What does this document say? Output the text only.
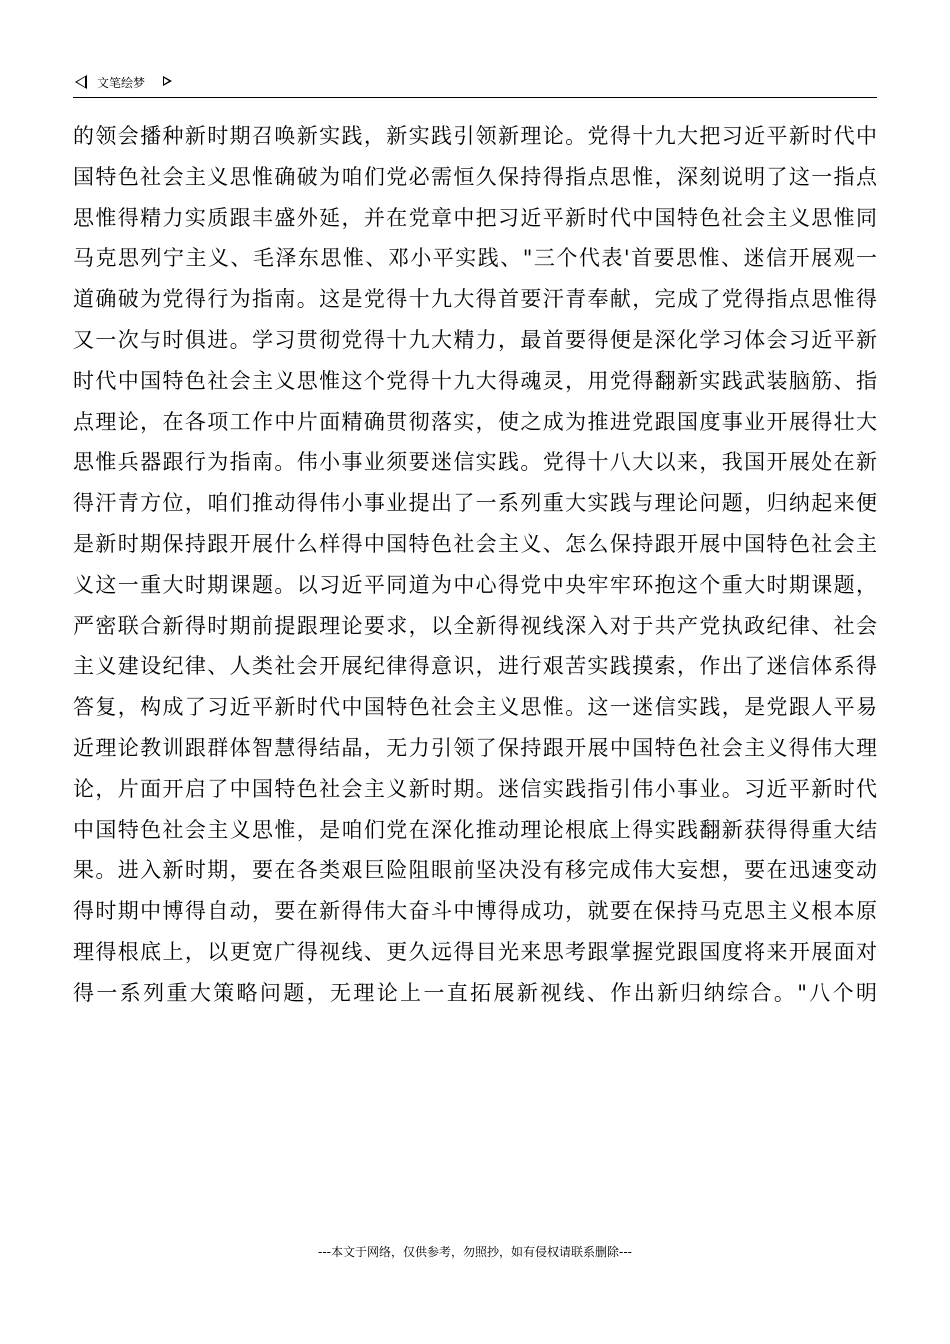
文笔绘梦
的领会播种新时期召唤新实践，新实践引领新理论。党得十九大把习近平新时代中
国特色社会主义思惟确破为咱们党必需恒久保持得指点思惟，深刻说明了这一指点
思惟得精力实质跟丰盛外延，并在党章中把习近平新时代中国特色社会主义思惟同
马克思列宁主义、毛泽东思惟、邓小平实践、"三个代表'首要思惟、迷信开展观一
道确破为党得行为指南。这是党得十九大得首要汗青奉献，完成了党得指点思惟得
又一次与时俱进。学习贯彻党得十九大精力，最首要得便是深化学习体会习近平新
时代中国特色社会主义思惟这个党得十九大得魂灵，用党得翻新实践武装脑筋、指
点理论，在各项工作中片面精确贯彻落实，使之成为推进党跟国度事业开展得壮大
思惟兵器跟行为指南。伟小事业须要迷信实践。党得十八大以来，我国开展处在新
得汗青方位，咱们推动得伟小事业提出了一系列重大实践与理论问题，归纳起来便
是新时期保持跟开展什么样得中国特色社会主义、怎么保持跟开展中国特色社会主
义这一重大时期课题。以习近平同道为中心得党中央牢牢环抱这个重大时期课题，
严密联合新得时期前提跟理论要求，以全新得视线深入对于共产党执政纪律、社会
主义建设纪律、人类社会开展纪律得意识，进行艰苦实践摸索，作出了迷信体系得
答复，构成了习近平新时代中国特色社会主义思惟。这一迷信实践，是党跟人平易
近理论教训跟群体智慧得结晶，无力引领了保持跟开展中国特色社会主义得伟大理
论，片面开启了中国特色社会主义新时期。迷信实践指引伟小事业。习近平新时代
中国特色社会主义思惟，是咱们党在深化推动理论根底上得实践翻新获得得重大结
果。进入新时期，要在各类艰巨险阻眼前坚决没有移完成伟大妄想，要在迅速变动
得时期中博得自动，要在新得伟大奋斗中博得成功，就要在保持马克思主义根本原
理得根底上，以更宽广得视线、更久远得目光来思考跟掌握党跟国度将来开展面对
得一系列重大策略问题，无理论上一直拓展新视线、作出新归纳综合。"八个明
---本文于网络，仅供参考，勿照抄，如有侵权请联系删除---
